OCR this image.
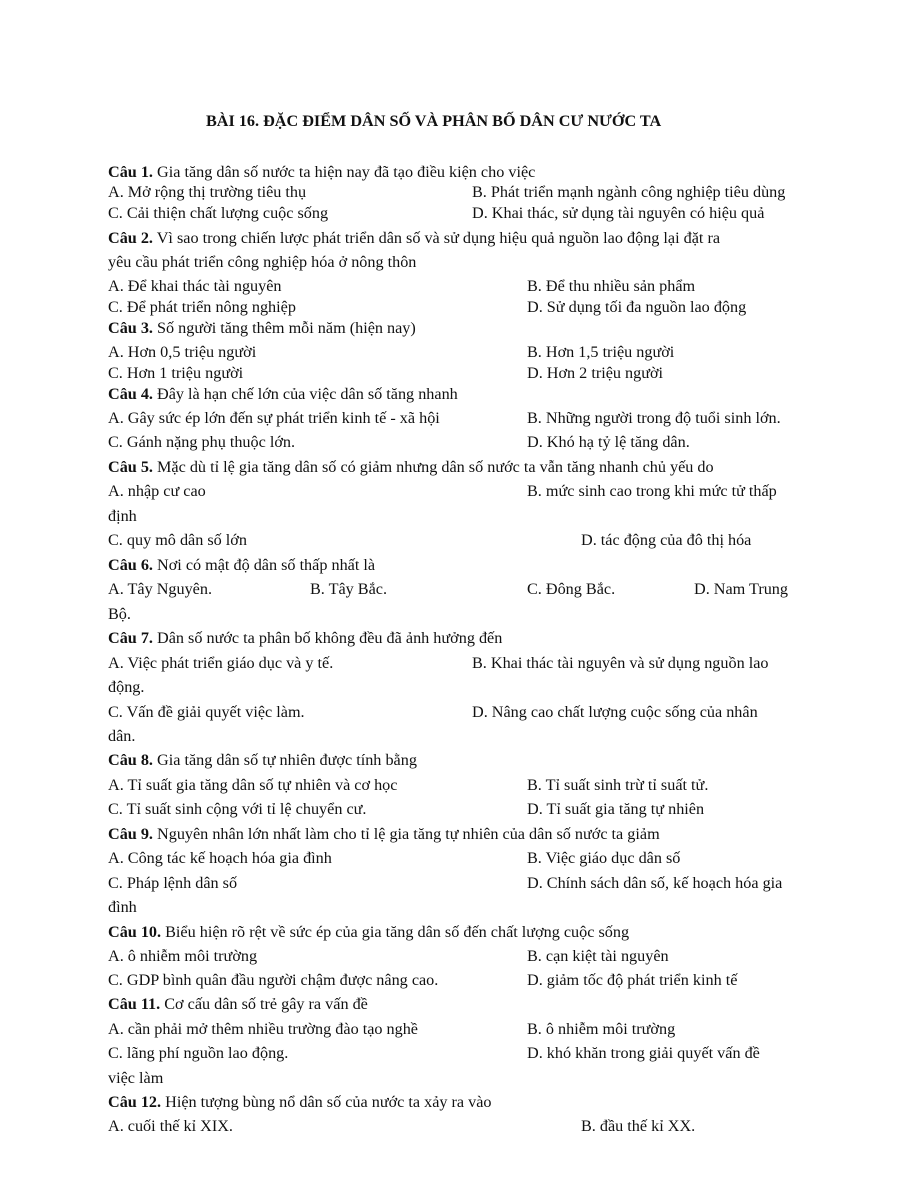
BÀI 16. ĐẶC ĐIỂM DÂN SỐ VÀ PHÂN BỐ DÂN CƯ NƯỚC TA
Câu 1. Gia tăng dân số nước ta hiện nay đã tạo điều kiện cho việc
A. Mở rộng thị trường tiêu thụ	B. Phát triển mạnh ngành công nghiệp tiêu dùng
C. Cải thiện chất lượng cuộc sống	D. Khai thác, sử dụng tài nguyên có hiệu quả
Câu 2. Vì sao trong chiến lược phát triển dân số và sử dụng hiệu quả nguồn lao động lại đặt ra
yêu cầu phát triển công nghiệp hóa ở nông thôn
A. Để khai thác tài nguyên	B. Để thu nhiều sản phẩm
C. Để phát triển nông nghiệp	D. Sử dụng tối đa nguồn lao động
Câu 3. Số người tăng thêm mỗi năm (hiện nay)
A. Hơn 0,5 triệu người	B. Hơn 1,5 triệu người
C. Hơn 1 triệu người	D. Hơn 2 triệu người
Câu 4. Đây là hạn chế lớn của việc dân số tăng nhanh
A. Gây sức ép lớn đến sự phát triển kinh tế - xã hội	B. Những người trong độ tuổi sinh lớn.
C. Gánh nặng phụ thuộc lớn.	D. Khó hạ tỷ lệ tăng dân.
Câu 5. Mặc dù tỉ lệ gia tăng dân số có giảm nhưng dân số nước ta vẫn tăng nhanh chủ yếu do
A. nhập cư cao	B. mức sinh cao trong khi mức tử thấp
định
C. quy mô dân số lớn	D. tác động của đô thị hóa
Câu 6. Nơi có mật độ dân số thấp nhất là
A. Tây Nguyên.	B. Tây Bắc.	C. Đông Bắc.	D. Nam Trung
Bộ.
Câu 7. Dân số nước ta phân bố không đều đã ảnh hưởng đến
A. Việc phát triển giáo dục và y tế.	B. Khai thác tài nguyên và sử dụng nguồn lao
động.
C. Vấn đề giải quyết việc làm.	D. Nâng cao chất lượng cuộc sống của nhân
dân.
Câu 8. Gia tăng dân số tự nhiên được tính bằng
A. Tỉ suất gia tăng dân số tự nhiên và cơ học	B. Tỉ suất sinh trừ tỉ suất tử.
C. Tỉ suất sinh cộng với tỉ lệ chuyển cư.	D. Tỉ suất gia tăng tự nhiên
Câu 9. Nguyên nhân lớn nhất làm cho tỉ lệ gia tăng tự nhiên của dân số nước ta giảm
A. Công tác kế hoạch hóa gia đình	B. Việc giáo dục dân số
C. Pháp lệnh dân số	D. Chính sách dân số, kế hoạch hóa gia
đình
Câu 10. Biểu hiện rõ rệt về sức ép của gia tăng dân số đến chất lượng cuộc sống
A. ô nhiễm môi trường	B. cạn kiệt tài nguyên
C. GDP bình quân đầu người chậm được nâng cao.	D. giảm tốc độ phát triển kinh tế
Câu 11. Cơ cấu dân số trẻ gây ra vấn đề
A. cần phải mở thêm nhiều trường đào tạo nghề	B. ô nhiễm môi trường
C. lãng phí nguồn lao động.	D. khó khăn trong giải quyết vấn đề
việc làm
Câu 12. Hiện tượng bùng nổ dân số của nước ta xảy ra vào
A. cuối thế kỉ XIX.	B. đầu thế kỉ XX.
